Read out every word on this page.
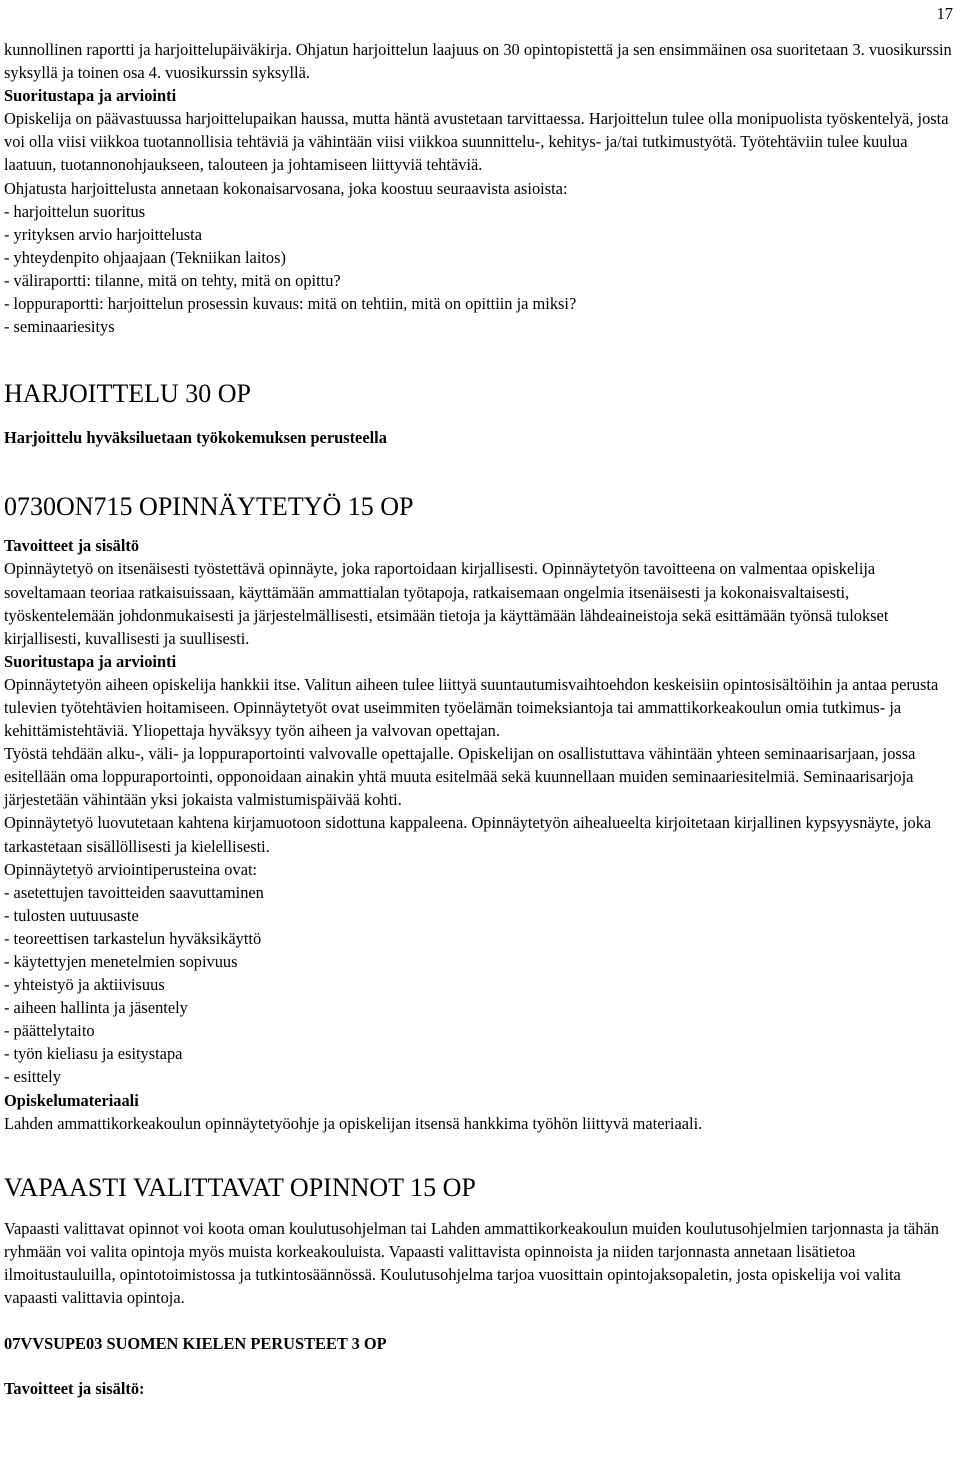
17

kunnollinen raportti ja harjoittelupäiväkirja. Ohjatun harjoittelun laajuus on 30 opintopistettä ja sen ensimmäinen osa suoritetaan 3. vuosikurssin syksyllä ja toinen osa 4. vuosikurssin syksyllä.

Suoritustapa ja arviointi

Opiskelija on päävastuussa harjoittelupaikan haussa, mutta häntä avustetaan tarvittaessa. Harjoittelun tulee olla monipuolista työskentelyä, josta voi olla viisi viikkoa tuotannollisia tehtäviä ja vähintään viisi viikkoa suunnittelu-, kehitys- ja/tai tutkimustyötä. Työtehtäviin tulee kuulua laatuun, tuotannonohjaukseen, talouteen ja johtamiseen liittyviä tehtäviä.

Ohjatusta harjoittelusta annetaan kokonaisarvosana, joka koostuu seuraavista asioista:

- harjoittelun suoritus

- yrityksen arvio harjoittelusta

- yhteydenpito ohjaajaan (Tekniikan laitos)

- väliraportti: tilanne, mitä on tehty, mitä on opittu?

- loppuraportti: harjoittelun prosessin kuvaus: mitä on tehtiin, mitä on opittiin ja miksi?

- seminaariesitys

HARJOITTELU 30 OP

Harjoittelu hyväksiluetaan työkokemuksen perusteella

0730ON715 OPINNÄYTETYÖ 15 OP

Tavoitteet ja sisältö

Opinnäytetyö on itsenäisesti työstettävä opinnäyte, joka raportoidaan kirjallisesti. Opinnäytetyön tavoitteena on valmentaa opiskelija soveltamaan teoriaa ratkaisuissaan, käyttämään ammattialan työtapoja, ratkaisemaan ongelmia itsenäisesti ja kokonaisvaltaisesti, työskentelemään johdonmukaisesti ja järjestelmällisesti, etsimään tietoja ja käyttämään lähdeaineistoja sekä esittämään työnsä tulokset kirjallisesti, kuvallisesti ja suullisesti.

Suoritustapa ja arviointi

Opinnäytetyön aiheen opiskelija hankkii itse. Valitun aiheen tulee liittyä suuntautumisvaihtoehdon keskeisiin opintosisältöihin ja antaa perusta tulevien työtehtävien hoitamiseen. Opinnäytetyöt ovat useimmiten työelämän toimeksiantoja tai ammattikorkeakoulun omia tutkimus- ja kehittämistehtäviä. Yliopettaja hyväksyy työn aiheen ja valvovan opettajan.

Työstä tehdään alku-, väli- ja loppuraportointi valvovalle opettajalle. Opiskelijan on osallistuttava vähintään yhteen seminaarisarjaan, jossa esitellään oma loppuraportointi, opponoidaan ainakin yhtä muuta esitelmää sekä kuunnellaan muiden seminaariesitelmiä. Seminaarisarjoja järjestetään vähintään yksi jokaista valmistumispäivää kohti.

Opinnäytetyö luovutetaan kahtena kirjamuotoon sidottuna kappaleena. Opinnäytetyön aihealueelta kirjoitetaan kirjallinen kypsyysnäyte, joka tarkastetaan sisällöllisesti ja kielellisesti.

Opinnäytetyö arviointiperusteina ovat:

- asetettujen tavoitteiden saavuttaminen

- tulosten uutuusaste

- teoreettisen tarkastelun hyväksikäyttö

- käytettyjen menetelmien sopivuus

- yhteistyö ja aktiivisuus

- aiheen hallinta ja jäsentely

- päättelytaito

- työn kieliasu ja esitystapa

- esittely

Opiskelumateriaali

Lahden ammattikorkeakoulun opinnäytetyöohje ja opiskelijan itsensä hankkima työhön liittyvä materiaali.

VAPAASTI VALITTAVAT OPINNOT 15 OP

Vapaasti valittavat opinnot voi koota oman koulutusohjelman tai Lahden ammattikorkeakoulun muiden koulutusohjelmien tarjonnasta ja tähän ryhmään voi valita opintoja myös muista korkeakouluista. Vapaasti valittavista opinnoista ja niiden tarjonnasta annetaan lisätietoa ilmoitustauluilla, opintotoimistossa ja tutkintosäännössä. Koulutusohjelma tarjoa vuosittain opintojaksopaletin, josta opiskelija voi valita vapaasti valittavia opintoja.

07VVSUPE03 SUOMEN KIELEN PERUSTEET 3 OP

Tavoitteet ja sisältö:
